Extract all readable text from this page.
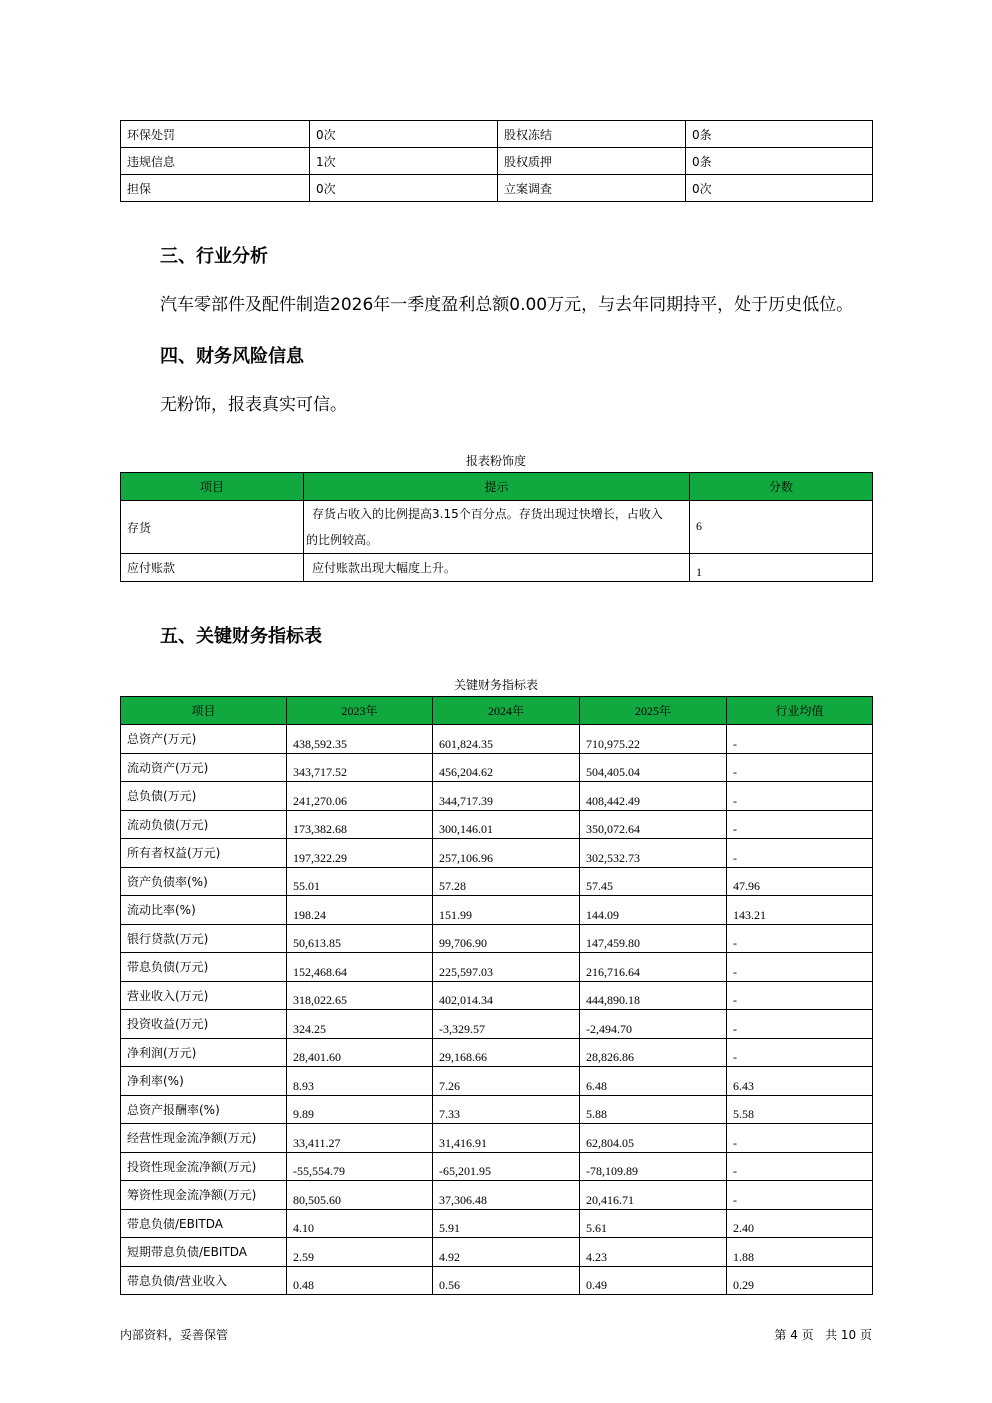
环保处罚	0次	股权冻结	0条
违规信息	1次	股权质押	0条
担保	0次	立案调查	0次
三、行业分析

汽车零部件及配件制造2026年一季度盈利总额0.00万元，与去年同期持平，处于历史低位。

四、财务风险信息

无粉饰，报表真实可信。

报表粉饰度
项目	提示	分数
存货	存货占收入的比例提高3.15个百分点。存货出现过快增长，占收入
的比例较高。	6
应付账款	应付账款出现大幅度上升。	1
五、关键财务指标表
关键财务指标表
项目	2023年	2024年	2025年	行业均值
总资产(万元)	438,592.35	601,824.35	710,975.22	-
流动资产(万元)	343,717.52	456,204.62	504,405.04	-
总负债(万元)	241,270.06	344,717.39	408,442.49	-
流动负债(万元)	173,382.68	300,146.01	350,072.64	-
所有者权益(万元)	197,322.29	257,106.96	302,532.73	-
资产负债率(%)	55.01	57.28	57.45	47.96
流动比率(%)	198.24	151.99	144.09	143.21
银行贷款(万元)	50,613.85	99,706.90	147,459.80	-
带息负债(万元)	152,468.64	225,597.03	216,716.64	-
营业收入(万元)	318,022.65	402,014.34	444,890.18	-
投资收益(万元)	324.25	-3,329.57	-2,494.70	-
净利润(万元)	28,401.60	29,168.66	28,826.86	-
净利率(%)	8.93	7.26	6.48	6.43
总资产报酬率(%)	9.89	7.33	5.88	5.58
经营性现金流净额(万元)	33,411.27	31,416.91	62,804.05	-
投资性现金流净额(万元)	-55,554.79	-65,201.95	-78,109.89	-
筹资性现金流净额(万元)	80,505.60	37,306.48	20,416.71	-
带息负债/EBITDA	4.10	5.91	5.61	2.40
短期带息负债/EBITDA	2.59	4.92	4.23	1.88
带息负债/营业收入	0.48	0.56	0.49	0.29
内部资料，妥善保管	第 4 页   共 10 页
